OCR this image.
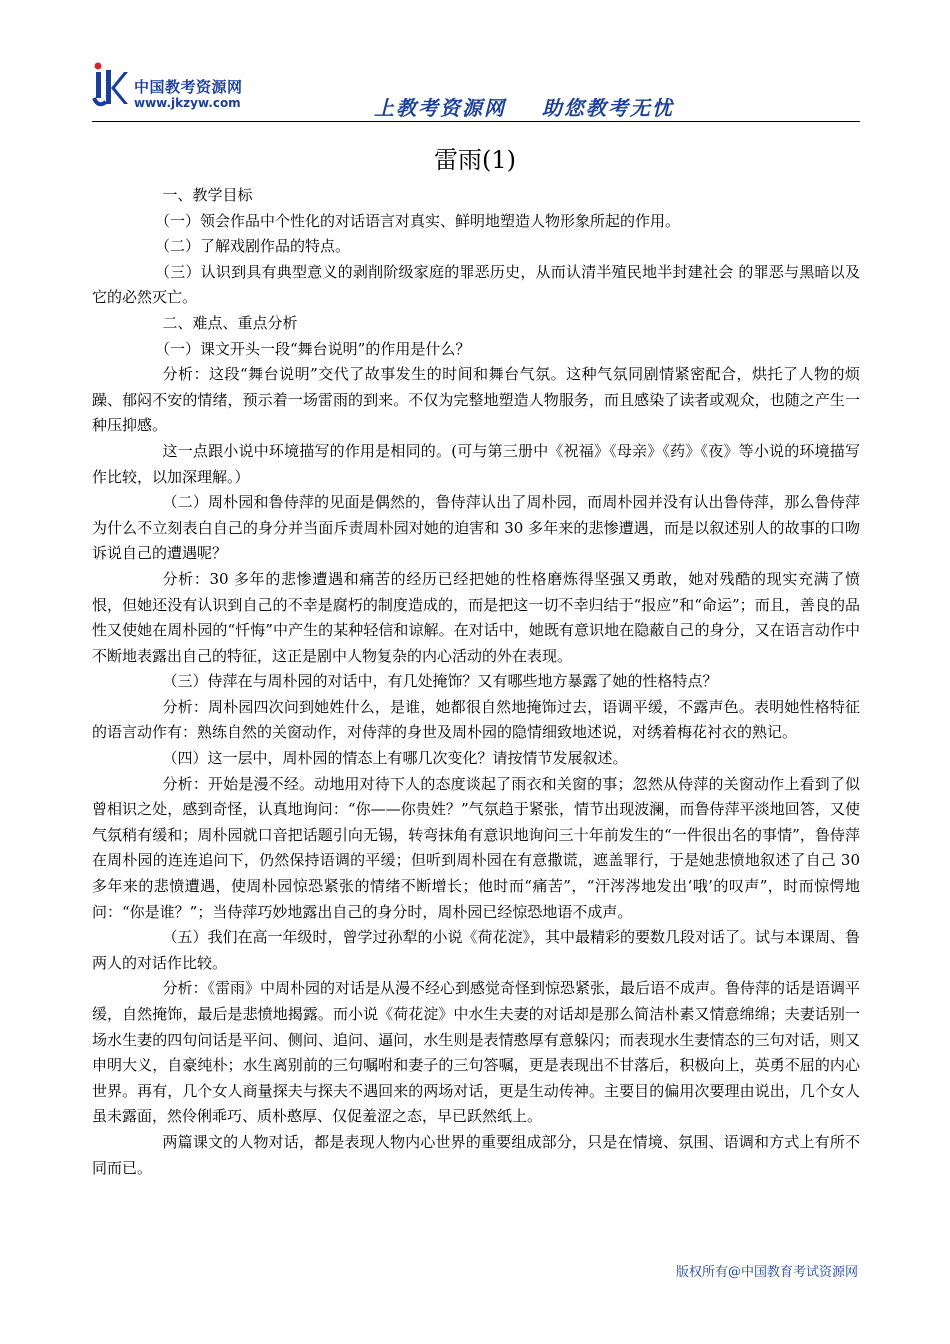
中国教考资源网
www.jkzyw.com	上教考资源网    助您教考无忧
雷雨(1)

一、教学目标

（一）领会作品中个性化的对话语言对真实、鲜明地塑造人物形象所起的作用。

（二）了解戏剧作品的特点。

（三）认识到具有典型意义的剥削阶级家庭的罪恶历史，从而认清半殖民地半封建社会 的罪恶与黑暗以及它的必然灭亡。

二、难点、重点分析

（一）课文开头一段“舞台说明”的作用是什么？

分析：这段“舞台说明”交代了故事发生的时间和舞台气氛。这种气氛同剧情紧密配合，烘托了人物的烦躁、郁闷不安的情绪，预示着一场雷雨的到来。不仅为完整地塑造人物服务，而且感染了读者或观众，也随之产生一种压抑感。

这一点跟小说中环境描写的作用是相同的。(可与第三册中《祝福》《母亲》《药》《夜》等小说的环境描写作比较，以加深理解。）

（二）周朴园和鲁侍萍的见面是偶然的，鲁侍萍认出了周朴园，而周朴园并没有认出鲁侍萍，那么鲁侍萍为什么不立刻表白自己的身分并当面斥责周朴园对她的迫害和 30 多年来的悲惨遭遇，而是以叙述别人的故事的口吻诉说自己的遭遇呢？

分析：30 多年的悲惨遭遇和痛苦的经历已经把她的性格磨炼得坚强又勇敢，她对残酷的现实充满了愤恨，但她还没有认识到自己的不幸是腐朽的制度造成的，而是把这一切不幸归结于“报应”和“命运”；而且，善良的品性又使她在周朴园的“忏悔”中产生的某种轻信和谅解。在对话中，她既有意识地在隐蔽自己的身分，又在语言动作中不断地表露出自己的特征，这正是剧中人物复杂的内心活动的外在表现。

（三）侍萍在与周朴园的对话中，有几处掩饰？又有哪些地方暴露了她的性格特点？

分析：周朴园四次问到她姓什么，是谁，她都很自然地掩饰过去，语调平缓，不露声色。表明她性格特征的语言动作有：熟练自然的关窗动作，对侍萍的身世及周朴园的隐情细致地述说，对绣着梅花衬衣的熟记。

（四）这一层中，周朴园的情态上有哪几次变化？请按情节发展叙述。

分析：开始是漫不经。动地用对待下人的态度谈起了雨衣和关窗的事；忽然从侍萍的关窗动作上看到了似曾相识之处，感到奇怪，认真地询问：“你——你贵姓？”气氛趋于紧张，情节出现波澜，而鲁侍萍平淡地回答，又使气氛稍有缓和；周朴园就口音把话题引向无锡，转弯抹角有意识地询问三十年前发生的“一件很出名的事情”，鲁侍萍在周朴园的连连追问下，仍然保持语调的平缓；但听到周朴园在有意撒谎，遮盖罪行，于是她悲愤地叙述了自己 30 多年来的悲愤遭遇，使周朴园惊恐紧张的情绪不断增长；他时而“痛苦”，“汗涔涔地发出‘哦’的叹声”，时而惊愕地问：“你是谁？”；当侍萍巧妙地露出自己的身分时，周朴园已经惊恐地语不成声。

（五）我们在高一年级时，曾学过孙犁的小说《荷花淀》，其中最精彩的要数几段对话了。试与本课周、鲁两人的对话作比较。

分析：《雷雨》中周朴园的对话是从漫不经心到感觉奇怪到惊恐紧张，最后语不成声。鲁侍萍的话是语调平缓，自然掩饰，最后是悲愤地揭露。而小说《荷花淀》中水生夫妻的对话却是那么简洁朴素又情意绵绵；夫妻话别一场水生妻的四句问话是平问、侧问、追问、逼问，水生则是表情憨厚有意躲闪；而表现水生妻情态的三句对话，则又申明大义，自豪纯朴；水生离别前的三句嘱咐和妻子的三句答嘱，更是表现出不甘落后，积极向上，英勇不屈的内心世界。再有，几个女人商量探夫与探夫不遇回来的两场对话，更是生动传神。主要目的偏用次要理由说出，几个女人虽未露面，然伶俐乖巧、质朴憨厚、仅促羞涩之态，早已跃然纸上。

两篇课文的人物对话，都是表现人物内心世界的重要组成部分，只是在情境、氛围、语调和方式上有所不同而已。

版权所有@中国教育考试资源网
